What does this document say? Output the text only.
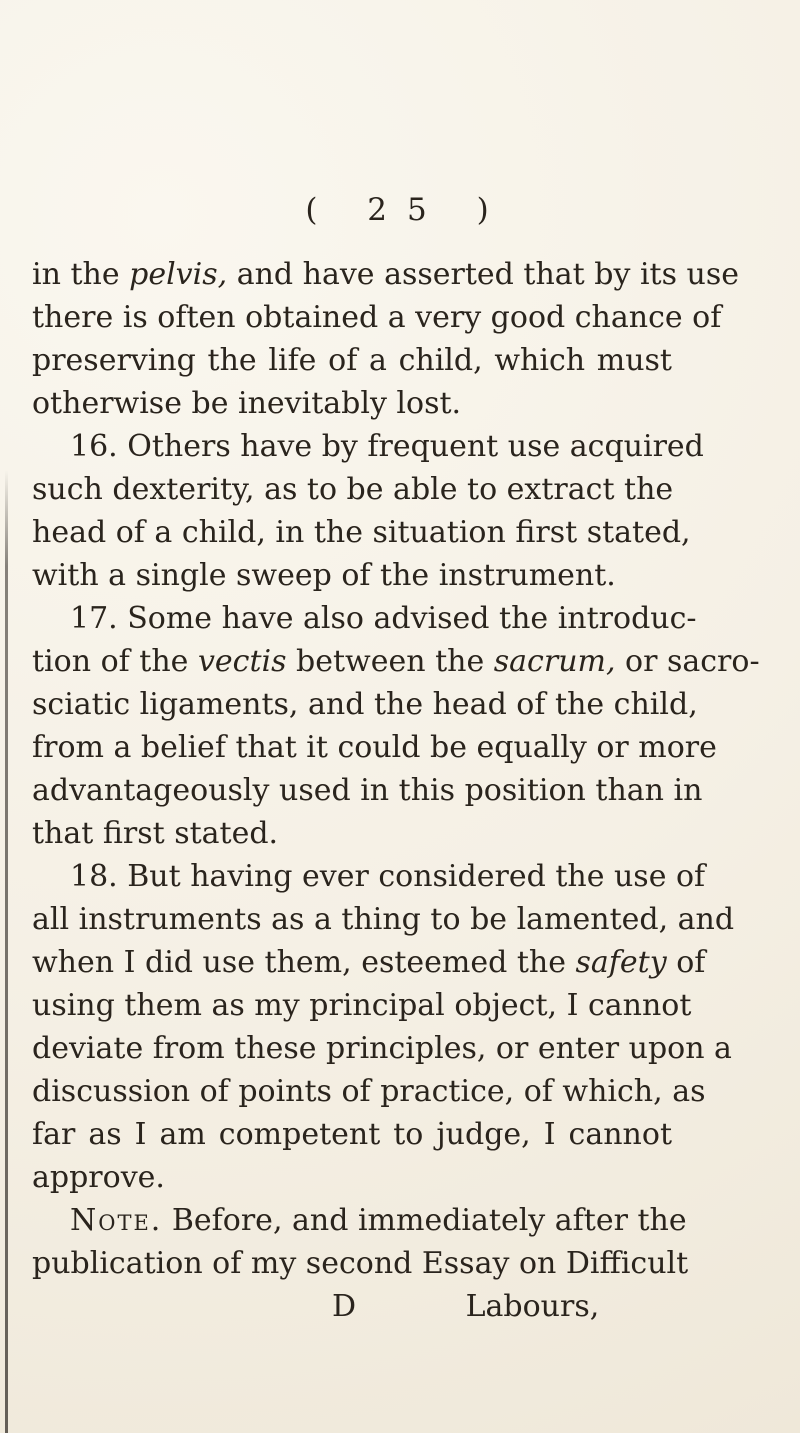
( 25 )
in the pelvis, and have asserted that by its use
there is often obtained a very good chance of
preserving the life of a child, which must
otherwise be inevitably lost.
16. Others have by frequent use acquired
such dexterity, as to be able to extract the
head of a child, in the situation first stated,
with a single sweep of the instrument.
17. Some have also advised the introduc-
tion of the vectis between the sacrum, or sacro-
sciatic ligaments, and the head of the child,
from a belief that it could be equally or more
advantageously used in this position than in
that first stated.
18. But having ever considered the use of
all instruments as a thing to be lamented, and
when I did use them, esteemed the safety of
using them as my principal object, I cannot
deviate from these principles, or enter upon a
discussion of points of practice, of which, as
far as I am competent to judge, I cannot
approve.
Note. Before, and immediately after the
publication of my second Essay on Difficult
D	Labours,
